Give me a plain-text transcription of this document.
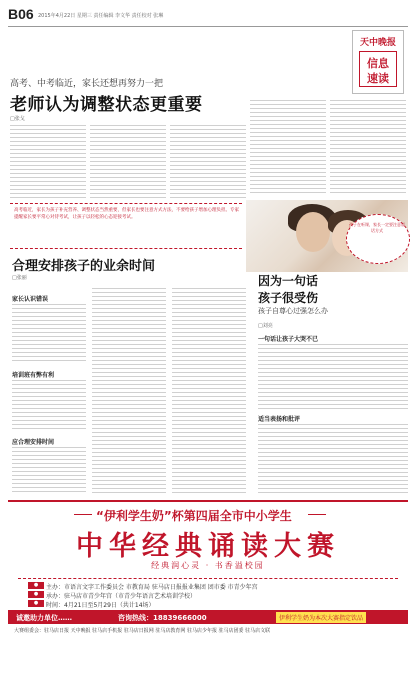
B06 2015年4月22日 星期三 责任编辑 李文华 责任校对 张琳
天中晚报
信息
速读
高考、中考临近，家长还想再努力一把
老师认为调整状态更重要
□张戈
高考临近，家长为孩子补充营养、调整状态当然重要，但家长也要注意方式方法，不要给孩子增加心理负担。专家提醒家长要平常心对待考试，让孩子以轻松的心态迎接考试。
孩子在听课，家长一定要注意说话方式
合理安排孩子的业余时间
□张丽
家长认识错误
培训班有弊有利
应合理安排时间
因为一句话
孩子很受伤
孩子自尊心过强怎么办
□刘亮
一句话让孩子大哭不已
适当表扬和批评
“伊利学生奶”杯第四届全市中小学生
中华经典诵读大赛
经典润心灵 · 书香溢校园
●	主办：市语言文字工作委员会 市教育局 驻马店日报报业集团 团市委 市青少年宫
●	承办：驻马店市青少年宫（市青少年语言艺术培训学校）
●	时间：4月21日至5月29日（共计14场）
诚邀助力单位……	咨询热线：18839666000	伊利学生奶为本次大赛指定饮品
大赛组委会：驻马店日报 天中晚报 驻马店手机报 驻马店日报网 驻马店教育网 驻马店少年报 驻马店团委 驻马店文联
